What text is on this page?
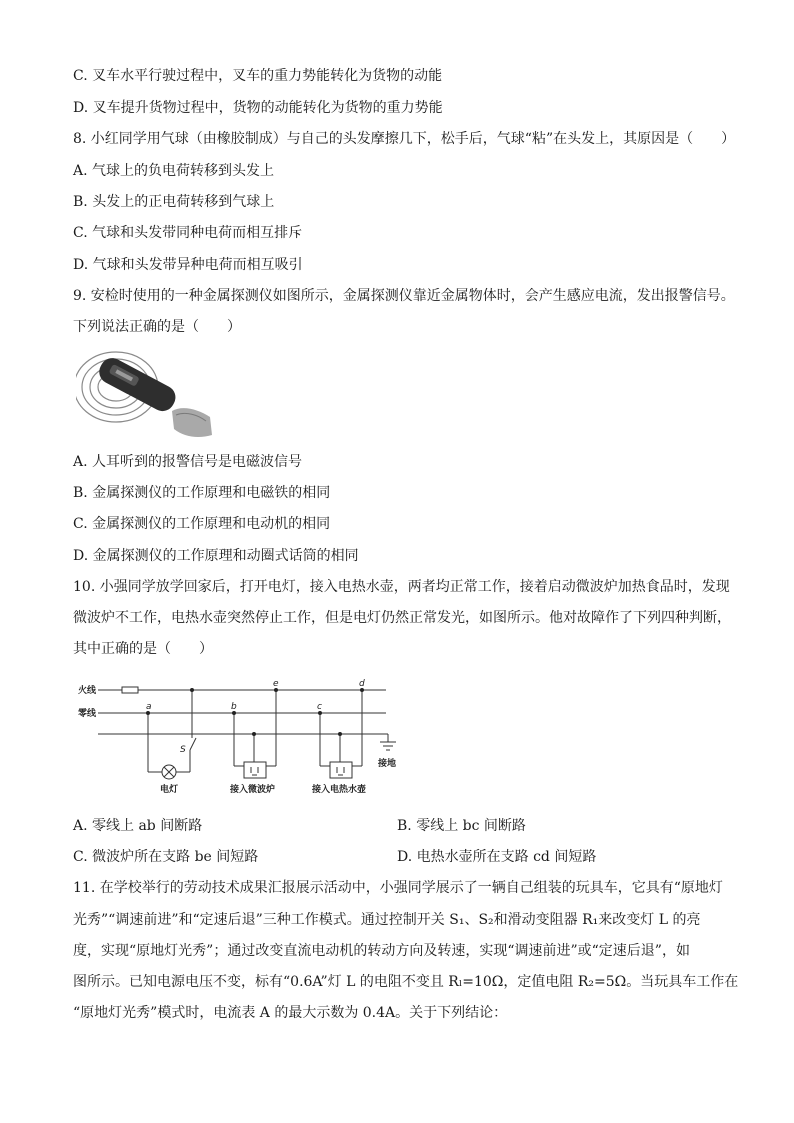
C. 叉车水平行驶过程中，叉车的重力势能转化为货物的动能
D. 叉车提升货物过程中，货物的动能转化为货物的重力势能
8. 小红同学用气球（由橡胶制成）与自己的头发摩擦几下，松手后，气球“粘”在头发上，其原因是（　　）
A. 气球上的负电荷转移到头发上
B. 头发上的正电荷转移到气球上
C. 气球和头发带同种电荷而相互排斥
D. 气球和头发带异种电荷而相互吸引
9. 安检时使用的一种金属探测仪如图所示，金属探测仪靠近金属物体时，会产生感应电流，发出报警信号。
下列说法正确的是（　　）
A. 人耳听到的报警信号是电磁波信号
B. 金属探测仪的工作原理和电磁铁的相同
C. 金属探测仪的工作原理和电动机的相同
D. 金属探测仪的工作原理和动圈式话筒的相同
10. 小强同学放学回家后，打开电灯，接入电热水壶，两者均正常工作，接着启动微波炉加热食品时，发现
微波炉不工作，电热水壶突然停止工作，但是电灯仍然正常发光，如图所示。他对故障作了下列四种判断，
其中正确的是（　　）
火线
零线
a	b	c
d
e
S
电灯	接入微波炉	接入电热水壶
接地
A. 零线上 ab 间断路	B. 零线上 bc 间断路
C. 微波炉所在支路 be 间短路	D. 电热水壶所在支路 cd 间短路
11. 在学校举行的劳动技术成果汇报展示活动中，小强同学展示了一辆自己组装的玩具车，它具有“原地灯
光秀”“调速前进”和“定速后退”三种工作模式。通过控制开关 S₁、S₂和滑动变阻器 R₁来改变灯 L 的亮
度，实现“原地灯光秀”；通过改变直流电动机的转动方向及转速，实现“调速前进”或“定速后退”，如
图所示。已知电源电压不变，标有“0.6A”灯 L 的电阻不变且 Rₗ=10Ω，定值电阻 R₂=5Ω。当玩具车工作在
“原地灯光秀”模式时，电流表 A 的最大示数为 0.4A。关于下列结论：
